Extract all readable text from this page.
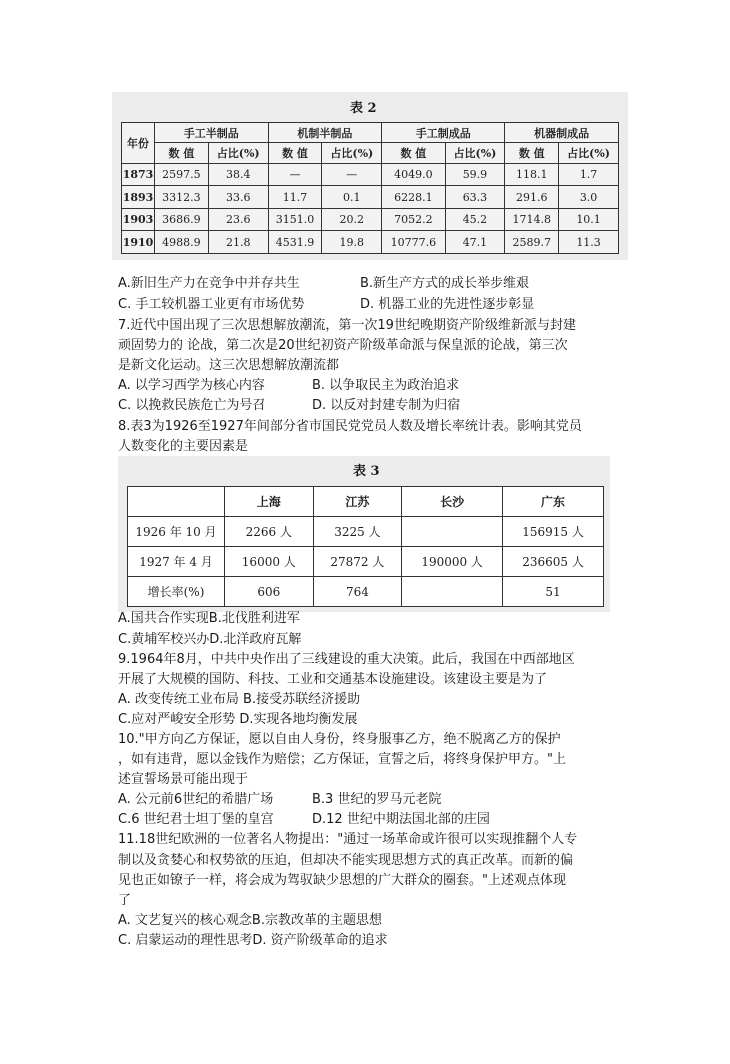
表 2
年份	手工半制品		机制半制品		手工制成品		机器制成品	
	数 值	占比(%)	数 值	占比(%)	数 值	占比(%)	数 值	占比(%)
1873	2597.5	38.4	—	—	4049.0	59.9	118.1	1.7
1893	3312.3	33.6	11.7	0.1	6228.1	63.3	291.6	3.0
1903	3686.9	23.6	3151.0	20.2	7052.2	45.2	1714.8	10.1
1910	4988.9	21.8	4531.9	19.8	10777.6	47.1	2589.7	11.3
A.新旧生产力在竞争中并存共生	B.新生产方式的成长举步维艰
C. 手工较机器工业更有市场优势	D. 机器工业的先进性逐步彰显
7.近代中国出现了三次思想解放潮流，第一次19世纪晚期资产阶级维新派与封建
顽固势力的 论战，第二次是20世纪初资产阶级革命派与保皇派的论战，第三次
是新文化运动。这三次思想解放潮流都
A. 以学习西学为核心内容	B. 以争取民主为政治追求
C. 以挽救民族危亡为号召	D. 以反对封建专制为归宿
8.表3为1926至1927年间部分省市国民党党员人数及增长率统计表。影响其党员
人数变化的主要因素是
表 3
	上海	江苏	长沙	广东
1926 年 10 月	2266 人	3225 人		156915 人
1927 年 4 月	16000 人	27872 人	190000 人	236605 人
增长率(%)	606	764		51
A.国共合作实现B.北伐胜利进军
C.黄埔军校兴办D.北洋政府瓦解
9.1964年8月，中共中央作出了三线建设的重大决策。此后，我国在中西部地区
开展了大规模的国防、科技、工业和交通基本设施建设。该建设主要是为了
A. 改变传统工业布局 B.接受苏联经济援助
C.应对严峻安全形势 D.实现各地均衡发展
10."甲方向乙方保证，愿以自由人身份，终身服事乙方，绝不脱离乙方的保护
，如有违背，愿以金钱作为赔偿；乙方保证，宣誓之后，将终身保护甲方。"上
述宣誓场景可能出现于
A. 公元前6世纪的希腊广场	B.3 世纪的罗马元老院
C.6 世纪君士坦丁堡的皇宫	D.12 世纪中期法国北部的庄园
11.18世纪欧洲的一位著名人物提出："通过一场革命或许很可以实现推翻个人专
制以及贪婪心和权势欲的压迫，但却决不能实现思想方式的真正改革。而新的偏
见也正如镣子一样，将会成为驾驭缺少思想的广大群众的圈套。"上述观点体现
了
A. 文艺复兴的核心观念B.宗教改革的主题思想
C. 启蒙运动的理性思考D. 资产阶级革命的追求
